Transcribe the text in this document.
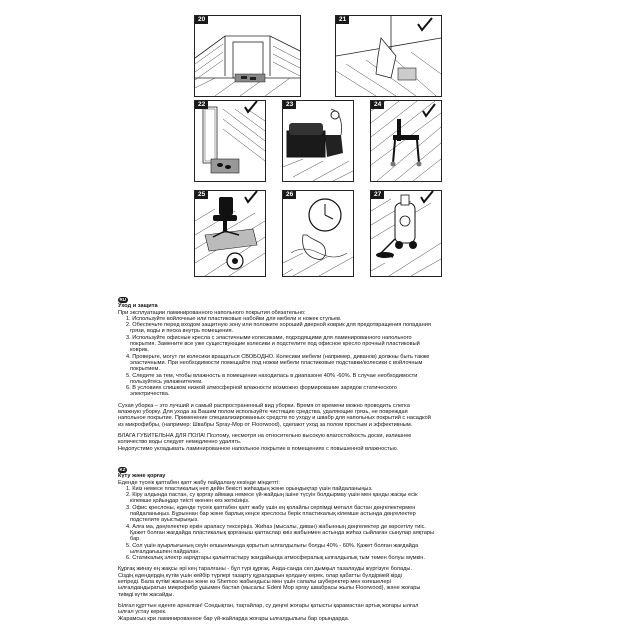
20	21
22	23	24
25	26	27

RU

Уход и защита

При эксплуатации ламинированного напольного покрытия обязательно:

1. Используйте войлочные или пластиковые набойки для мебели и ножек стульев.

2. Обеспечьте перед входом защитную зону или положите хороший дверной коврик для предотвращения попадания

грязи, воды и песка внутрь помещения.

3. Используйте офисные кресла с эластичными колесиками, подходящими для ламинированного напольного

покрытия. Замените все уже существующие колесики и подстелите под офисное кресло прочный пластиковый

коврик.

4. Проверьте, могут ли колесики вращаться СВОБОДНО. Колесики мебели (например, диванов) должны быть также

эластичными. При необходимости помещайте под ножки мебели пластиковые подставки/колесики с войлочным

покрытием.

5. Следите за тем, чтобы влажность в помещении находилась в диапазоне 40% -60%. В случае необходимости

пользуйтесь увлажнителем.

6. В условиях слишком низкой атмосферной влажности возможно формирование зарядов статического

электричества.

Сухая уборка – это лучший и самый распространенный вид уборки. Время от времени можно проводить слегка

влажную уборку. Для ухода за Вашим полом используйте чистящие средства, удаляющие грязь, не повреждая

напольное покрытие. Применение специализированных средств по уходу и швабр для напольных покрытий с насадкой

из микрофибры, (например: Швабры Spray-Mop от Floorwood), сделают уход за полом простым и эффективным.

ВЛАГА ГУБИТЕЛЬНА ДЛЯ ПОЛА! Поэтому, несмотря на относительно высокую влагостойкость доски, излишнее

количество воды следует немедленно удалять.

Недопустимо укладывать ламинированное напольное покрытие в помещениях с повышенной влажностью.

KZ

Күту және қорғау

Едендe түсеік қаптабен қапт жабу пайдалану кезінде міндетті:

1. Киіз немесе пластикалық неп дейін бекісті жиһаздың және орындықтар үшін пайдаланыңыз.

2. Кіру алдында пастан, су қорғау аймақа немесе үй-жайдың ішіне түсуін болдырмау үшін мен қанды жасқы есік

кілемше қойыңдар тиісті өкенен кез жеткізіңіз.

3. Офис креслоны, едендe түсеік қаптабен қапт жабу үшін ең қолайлы серпімді металл бастан дөңгелектермен

пайдаланыңыз. Бұрыннан бар және барлық кеңсе креслосы берік пластикалық кілемше астында дөңгелектер

подстелите ауыстырыңыз.

4. Алға ма, дөңгелектер еркін арапасу тексеріңіз. Жиһаз (мысалы, диван) жабынның дөңгелектер де көрсетілу тиіс.

Қажет болған жағдайда пластикалық қорғаныш қаптаслар киіз жабынмен астында жиһаз сыйлаған сынулар аяқтары

бар.

5. Сол үшін ауырлығының сеуін өлшынмында қорытып ылғалдылығы болды 40% - 60%. Қажет болған жағдайда

ылғалдағышпен пайдалан.

6. Статикалық электр зарядтары қалыптастыру жағдайында атмосфералық ылғалдылық тым төмен болуы мүмкін.

Құрғақ жинау ең жақсы әрі кең таралғаны - бұл түрі құрғақ. Анда-санда сел дымқыл тазалауды жүргізуге болады.

Сіздің едендердің күтім үшін кейбір түрлері тазарту құралдарын қолдану керек, олар қабатты бүлдірмей кірді

кетіреді. Бала күтімі жағынан және өз Shemoo жабындысы мен үшін сапалы шүберектер мен өзгешелері

ылғалдандыратын микрофибр ұшымен бастап (мысалы: Edeni Mop spray швабрасы жылы Floorwood), және жоғары

тиімді күтім жасайды.

Ылғал құрттын еденге арналған! Сондықтан, тақтайлар, су деңгеі жоғары қатысты қарамастан артық жоғары ылғал

ылғал устау керек.

Жарамсыз кри ламинированное бар үй-жайларда жоғары ылғалдылығы бар орындарда.
